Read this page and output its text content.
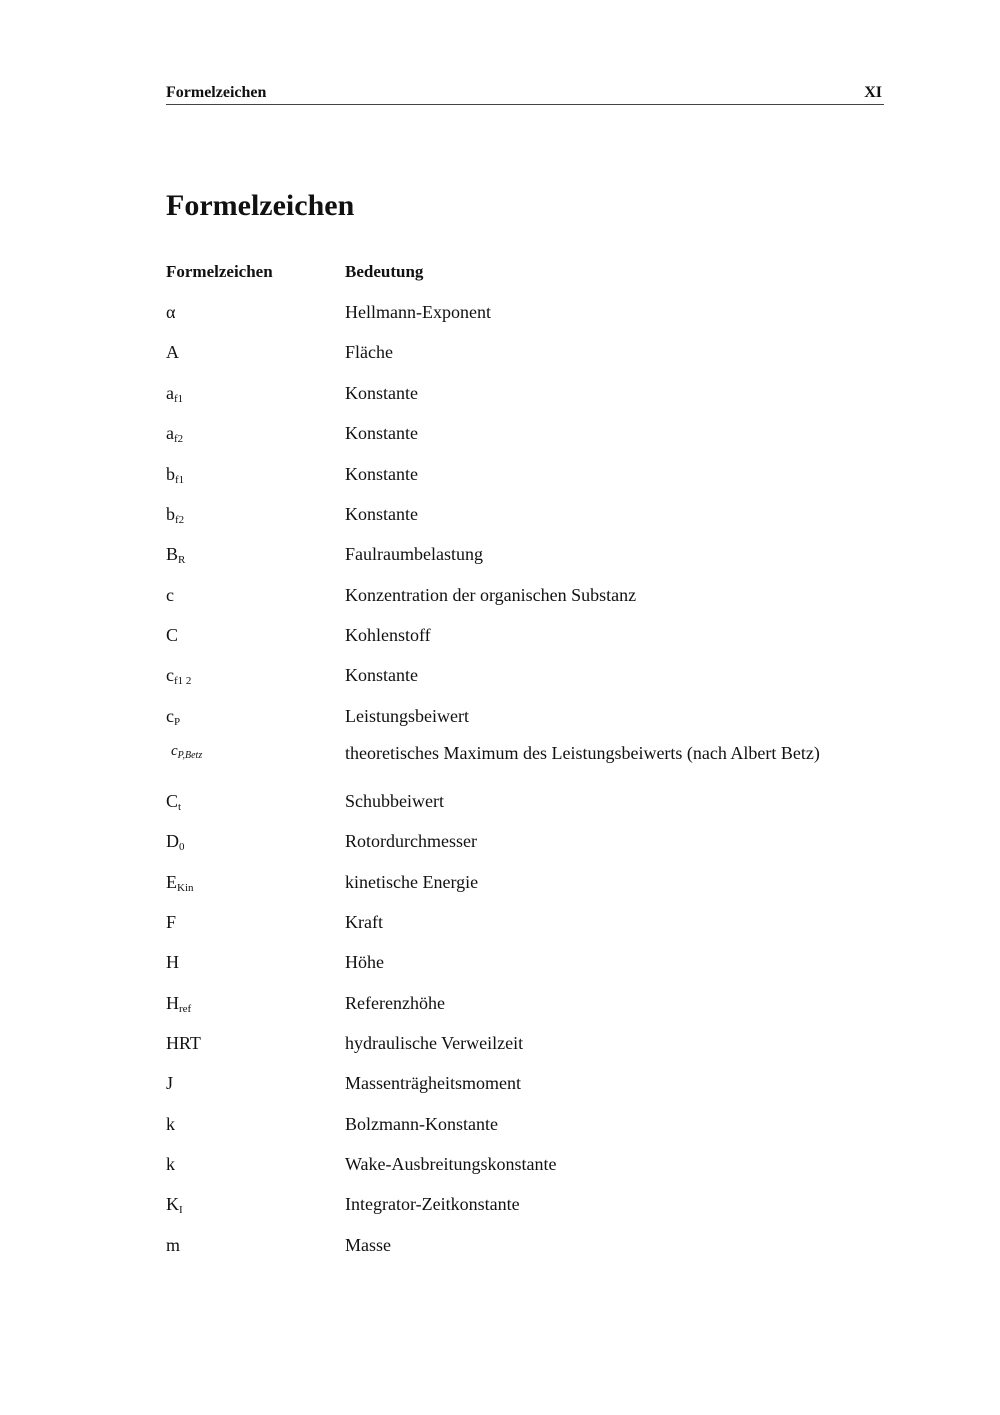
Formelzeichen	XI
Formelzeichen
Formelzeichen	Bedeutung
α	Hellmann-Exponent
A	Fläche
$a_{f1}$	Konstante
$a_{f2}$	Konstante
$b_{f1}$	Konstante
$b_{f2}$	Konstante
$B_R$	Faulraumbelastung
c	Konzentration der organischen Substanz
C	Kohlenstoff
$c_{f1 2}$	Konstante
$c_P$	Leistungsbeiwert
$c_{P,Betz}$	theoretisches Maximum des Leistungsbeiwerts (nach Albert Betz)
$C_t$	Schubbeiwert
$D_0$	Rotordurchmesser
$E_{Kin}$	kinetische Energie
F	Kraft
H	Höhe
$H_{ref}$	Referenzhöhe
HRT	hydraulische Verweilzeit
J	Massenträgheitsmoment
k	Bolzmann-Konstante
k	Wake-Ausbreitungskonstante
$K_I$	Integrator-Zeitkonstante
m	Masse
